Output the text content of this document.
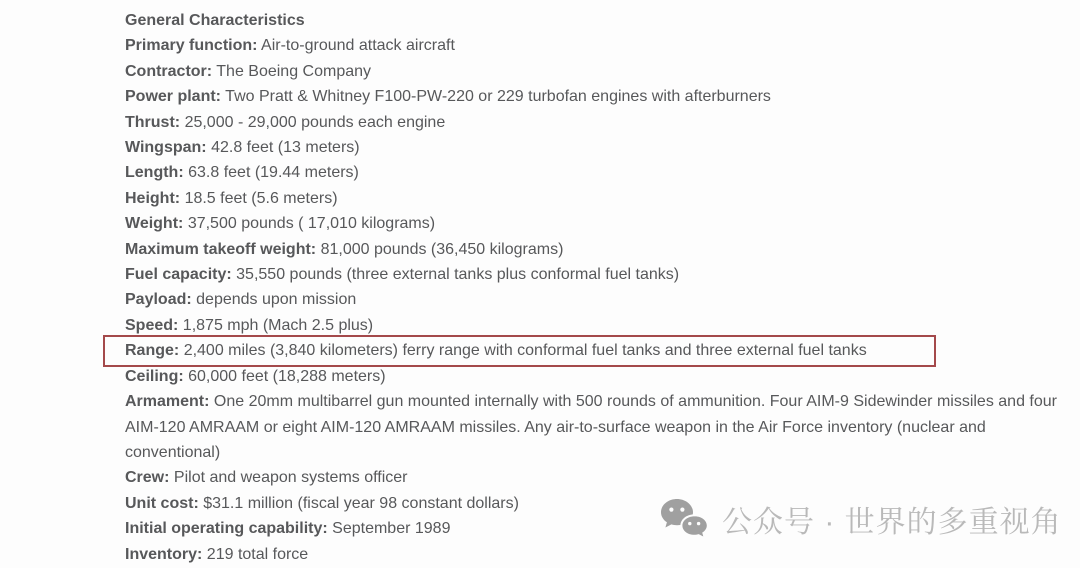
General Characteristics
Primary function: Air-to-ground attack aircraft
Contractor: The Boeing Company
Power plant: Two Pratt & Whitney F100-PW-220 or 229 turbofan engines with afterburners
Thrust: 25,000 - 29,000 pounds each engine
Wingspan: 42.8 feet (13 meters)
Length: 63.8 feet (19.44 meters)
Height: 18.5 feet (5.6 meters)
Weight: 37,500 pounds ( 17,010 kilograms)
Maximum takeoff weight: 81,000 pounds (36,450 kilograms)
Fuel capacity: 35,550 pounds (three external tanks plus conformal fuel tanks)
Payload: depends upon mission
Speed: 1,875 mph (Mach 2.5 plus)
Range: 2,400 miles (3,840 kilometers) ferry range with conformal fuel tanks and three external fuel tanks
Ceiling: 60,000 feet (18,288 meters)
Armament: One 20mm multibarrel gun mounted internally with 500 rounds of ammunition. Four AIM-9 Sidewinder missiles and four AIM-120 AMRAAM or eight AIM-120 AMRAAM missiles. Any air-to-surface weapon in the Air Force inventory (nuclear and conventional)
Crew: Pilot and weapon systems officer
Unit cost: $31.1 million (fiscal year 98 constant dollars)
Initial operating capability: September 1989
Inventory: 219 total force
公众号 · 世界的多重视角
